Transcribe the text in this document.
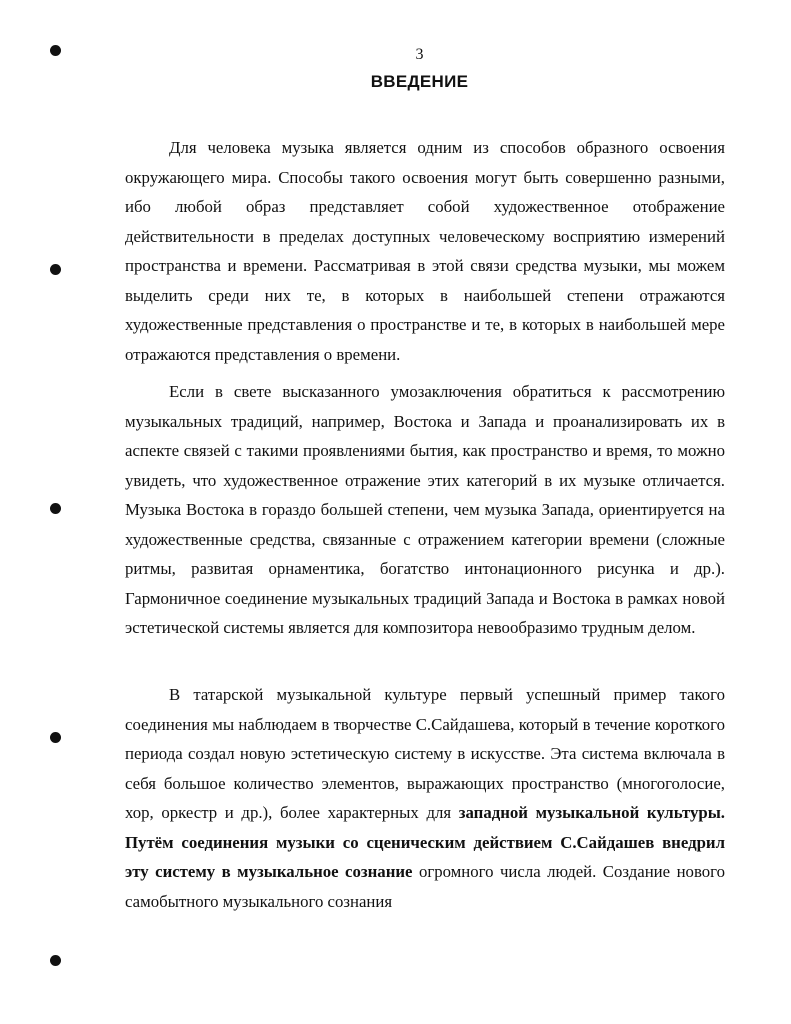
3
ВВЕДЕНИЕ

Для человека музыка является одним из способов образного освоения окружающего мира. Способы такого освоения могут быть совершенно разными, ибо любой образ представляет собой художественное отображение действительности в пределах доступных человеческому восприятию измерений пространства и времени. Рассматривая в этой связи средства музыки, мы можем выделить среди них те, в которых в наибольшей степени отражаются художественные представления о пространстве и те, в которых в наибольшей мере отражаются представления о времени.

Если в свете высказанного умозаключения обратиться к рассмотрению музыкальных традиций, например, Востока и Запада и проанализировать их в аспекте связей с такими проявлениями бытия, как пространство и время, то можно увидеть, что художественное отражение этих категорий в их музыке отличается. Музыка Востока в гораздо большей степени, чем музыка Запада, ориентируется на художественные средства, связанные с отражением категории времени (сложные ритмы, развитая орнаментика, богатство интонационного рисунка и др.). Гармоничное соединение музыкальных традиций Запада и Востока в рамках новой эстетической системы является для композитора невообразимо трудным делом.

В татарской музыкальной культуре первый успешный пример такого соединения мы наблюдаем в творчестве С.Сайдашева, который в течение короткого периода создал новую эстетическую систему в искусстве. Эта система включала в себя большое количество элементов, выражающих пространство (многоголосие, хор, оркестр и др.), более характерных для западной музыкальной культуры. Путём соединения музыки со сценическим действием С.Сайдашев внедрил эту систему в музыкальное сознание огромного числа людей. Создание нового самобытного музыкального сознания
